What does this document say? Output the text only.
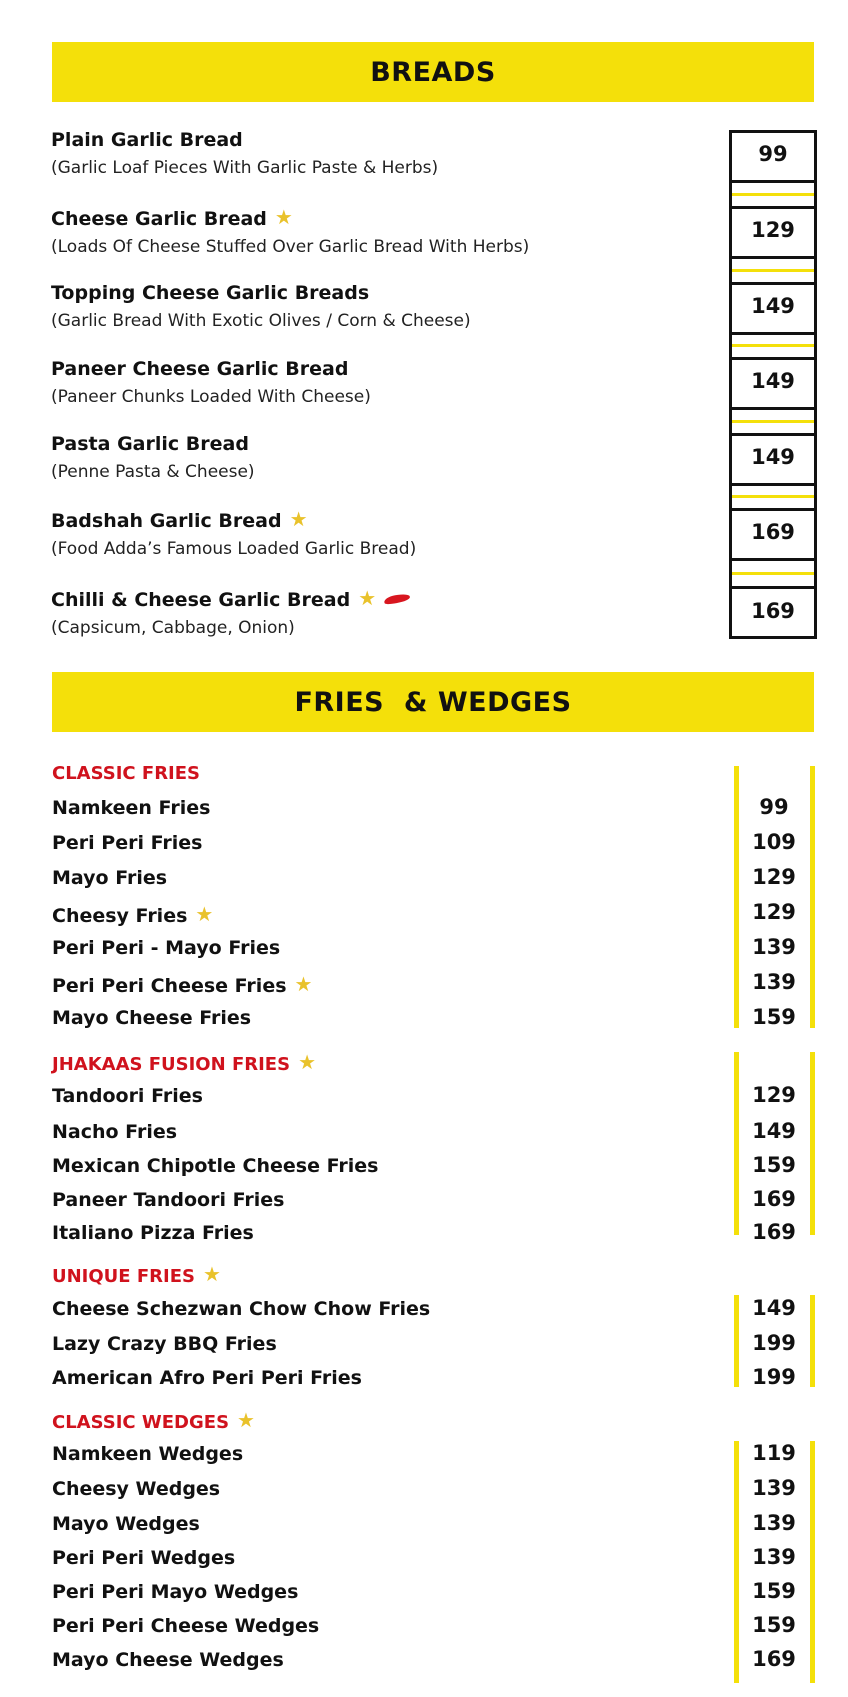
BREADS
Plain Garlic Bread
(Garlic Loaf Pieces With Garlic Paste & Herbs)
99
Cheese Garlic Bread ★
(Loads Of Cheese Stuffed Over Garlic Bread With Herbs)
129
Topping Cheese Garlic Breads
(Garlic Bread With Exotic Olives / Corn & Cheese)
149
Paneer Cheese Garlic Bread
(Paneer Chunks Loaded With Cheese)
149
Pasta Garlic Bread
(Penne Pasta & Cheese)
149
Badshah Garlic Bread ★
(Food Adda’s Famous Loaded Garlic Bread)
169
Chilli & Cheese Garlic Bread ★
(Capsicum, Cabbage, Onion)
169
FRIES  & WEDGES
CLASSIC FRIES
Namkeen Fries	99
Peri Peri Fries	109
Mayo Fries	129
Cheesy Fries ★	129
Peri Peri - Mayo Fries	139
Peri Peri Cheese Fries ★	139
Mayo Cheese Fries	159
JHAKAAS FUSION FRIES ★
Tandoori Fries	129
Nacho Fries	149
Mexican Chipotle Cheese Fries	159
Paneer Tandoori Fries	169
Italiano Pizza Fries	169
UNIQUE FRIES ★
Cheese Schezwan Chow Chow Fries	149
Lazy Crazy BBQ Fries	199
American Afro Peri Peri Fries	199
CLASSIC WEDGES ★
Namkeen Wedges	119
Cheesy Wedges	139
Mayo Wedges	139
Peri Peri Wedges	139
Peri Peri Mayo Wedges	159
Peri Peri Cheese Wedges	159
Mayo Cheese Wedges	169
